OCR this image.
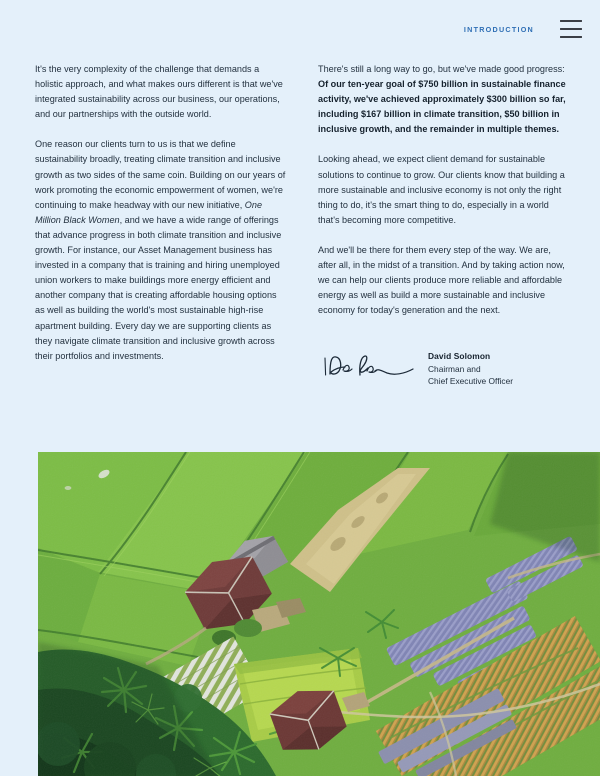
INTRODUCTION

It's the very complexity of the challenge that demands a holistic approach, and what makes ours different is that we've integrated sustainability across our business, our operations, and our partnerships with the outside world.

One reason our clients turn to us is that we define sustainability broadly, treating climate transition and inclusive growth as two sides of the same coin. Building on our years of work promoting the economic empowerment of women, we're continuing to make headway with our new initiative, One Million Black Women, and we have a wide range of offerings that advance progress in both climate transition and inclusive growth. For instance, our Asset Management business has invested in a company that is training and hiring unemployed union workers to make buildings more energy efficient and another company that is creating affordable housing options as well as building the world's most sustainable high-rise apartment building. Every day we are supporting clients as they navigate climate transition and inclusive growth across their portfolios and investments.

There's still a long way to go, but we've made good progress: Of our ten-year goal of $750 billion in sustainable finance activity, we've achieved approximately $300 billion so far, including $167 billion in climate transition, $50 billion in inclusive growth, and the remainder in multiple themes.

Looking ahead, we expect client demand for sustainable solutions to continue to grow. Our clients know that building a more sustainable and inclusive economy is not only the right thing to do, it's the smart thing to do, especially in a world that's becoming more competitive.

And we'll be there for them every step of the way. We are, after all, in the midst of a transition. And by taking action now, we can help our clients produce more reliable and affordable energy as well as build a more sustainable and inclusive economy for today's generation and the next.

David Solomon
Chairman and
Chief Executive Officer
